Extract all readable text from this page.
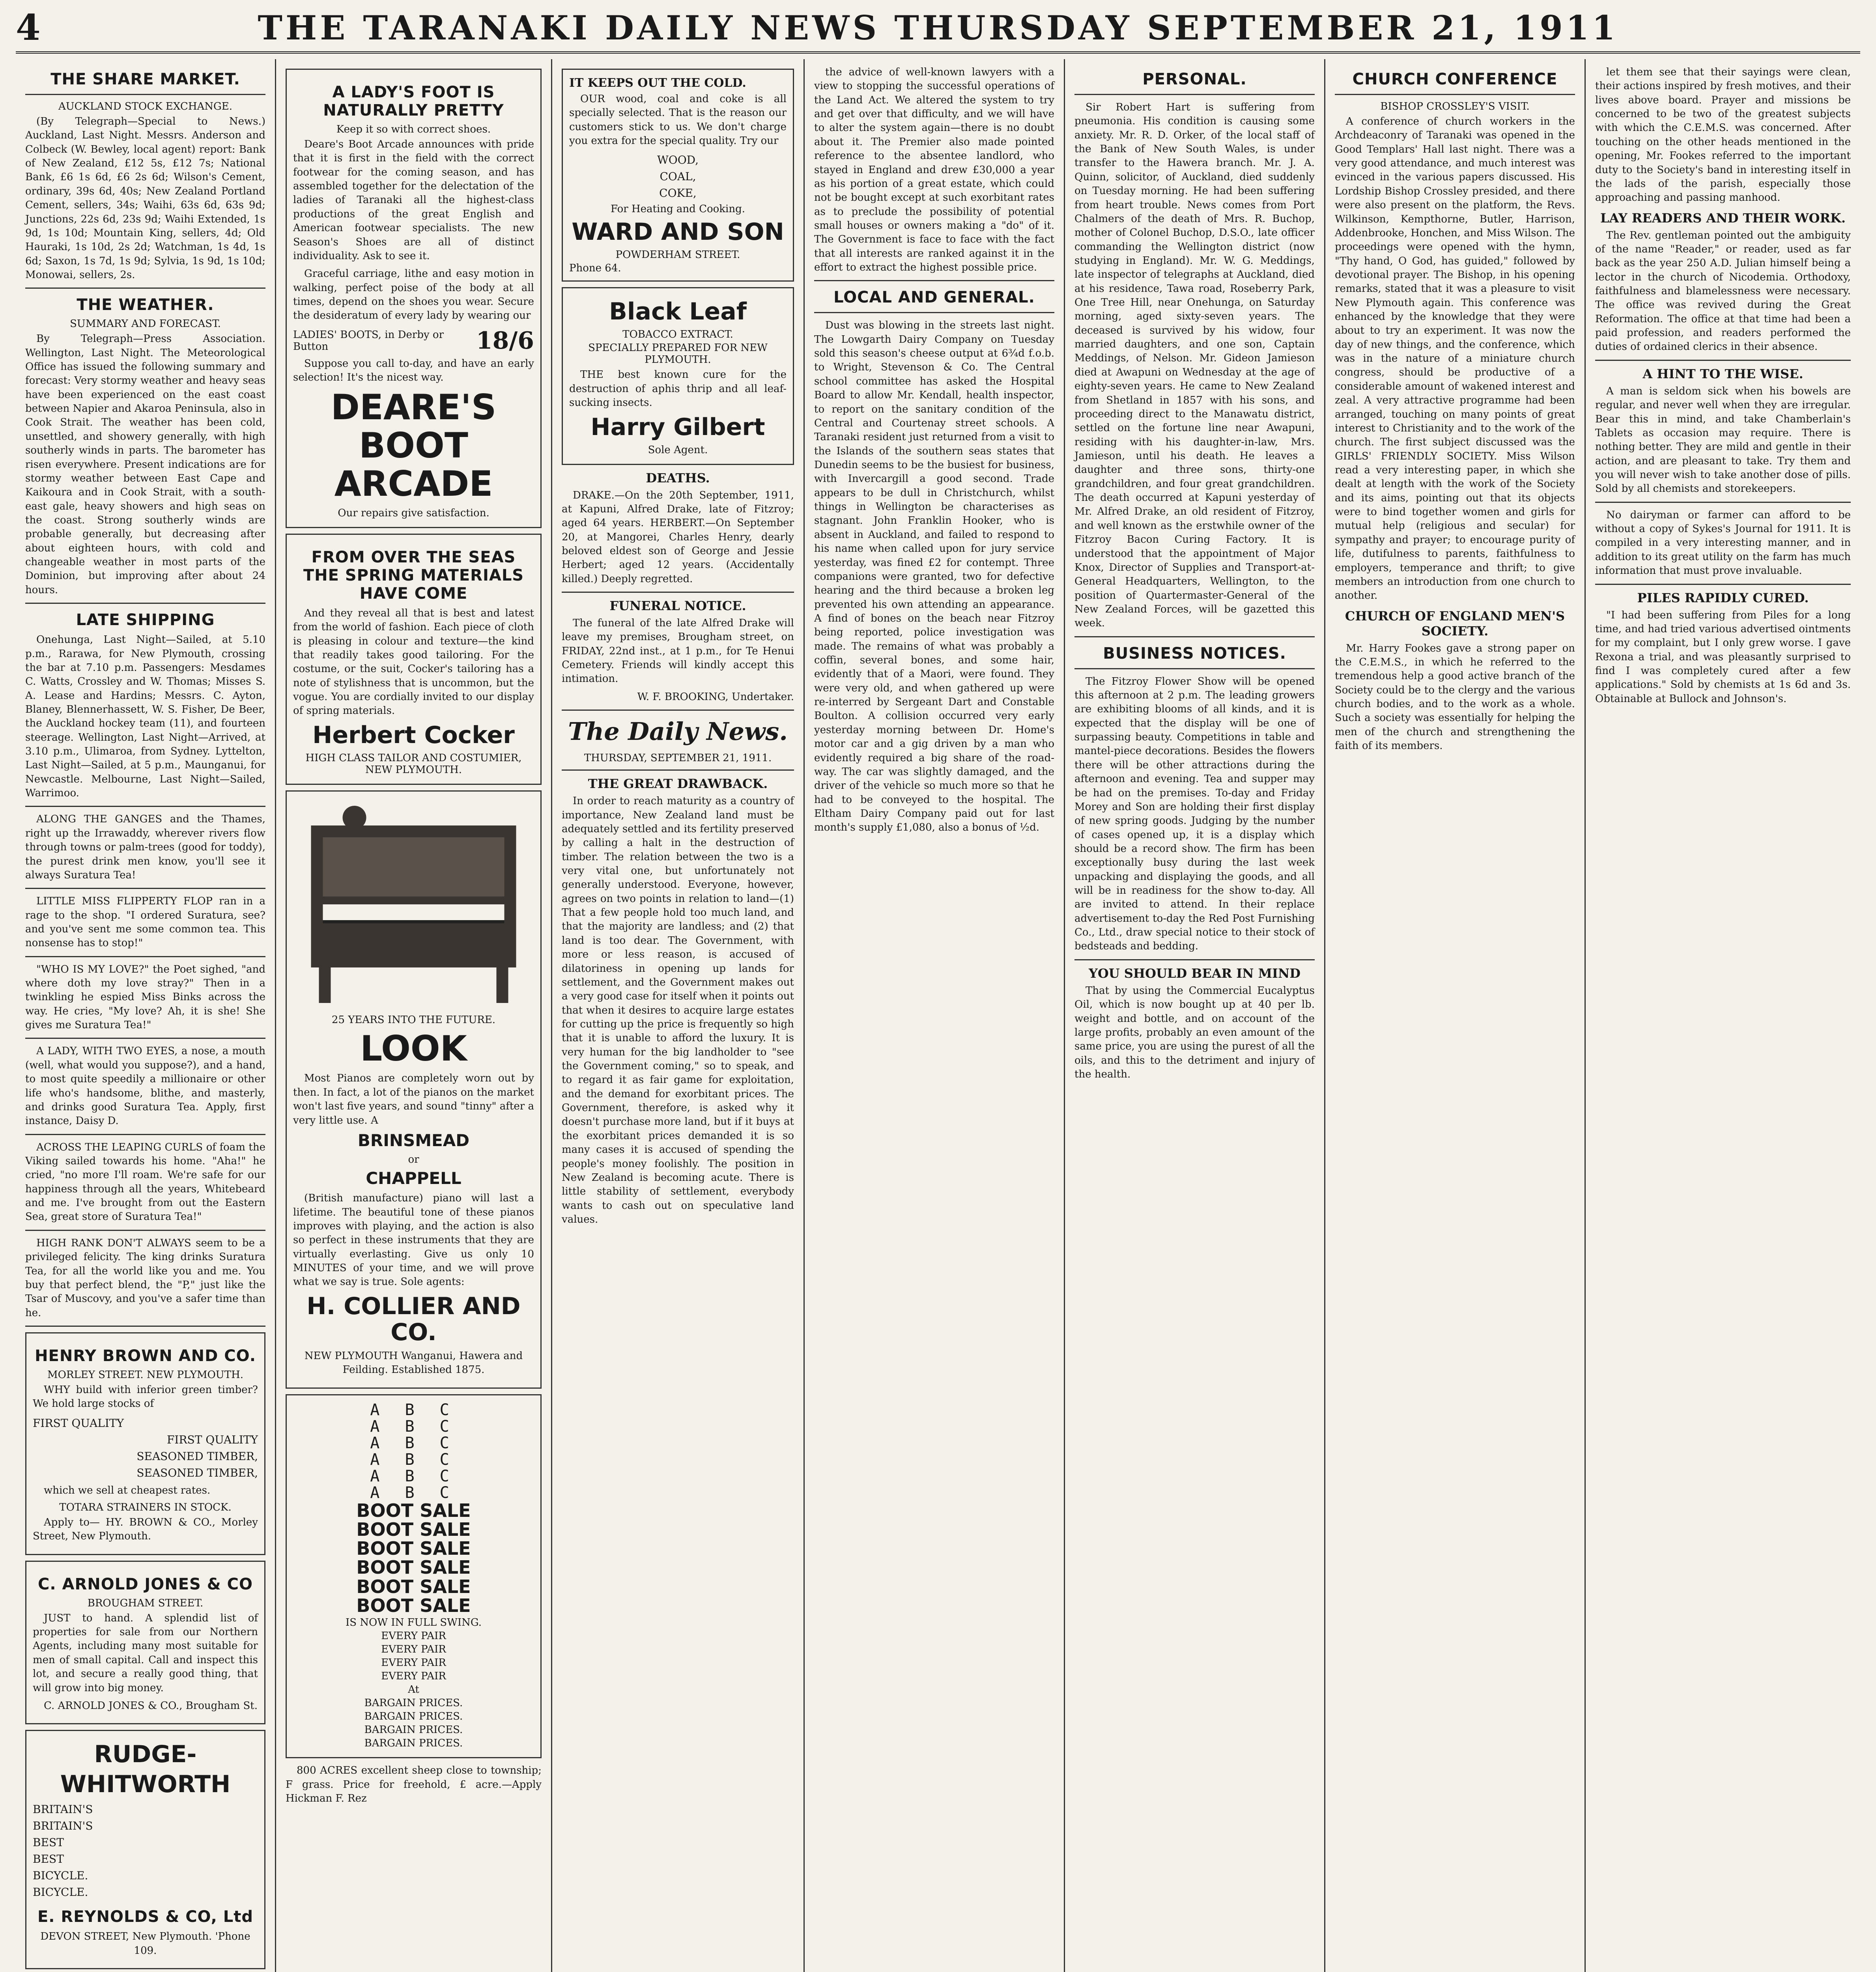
4	THE TARANAKI DAILY NEWS THURSDAY SEPTEMBER 21, 1911
THE SHARE MARKET.
AUCKLAND STOCK EXCHANGE.

(By Telegraph—Special to News.) Auckland, Last Night. Messrs. Anderson and Colbeck (W. Bewley, local agent) report: Bank of New Zealand, £12 5s, £12 7s; National Bank, £6 1s 6d, £6 2s 6d; Wilson's Cement, ordinary, 39s 6d, 40s; New Zealand Portland Cement, sellers, 34s; Waihi, 63s 6d, 63s 9d; Junctions, 22s 6d, 23s 9d; Waihi Extended, 1s 9d, 1s 10d; Mountain King, sellers, 4d; Old Hauraki, 1s 10d, 2s 2d; Watchman, 1s 4d, 1s 6d; Saxon, 1s 7d, 1s 9d; Sylvia, 1s 9d, 1s 10d; Monowai, sellers, 2s.

THE WEATHER.
SUMMARY AND FORECAST.

By Telegraph—Press Association. Wellington, Last Night. The Meteorological Office has issued the following summary and forecast: Very stormy weather and heavy seas have been experienced on the east coast between Napier and Akaroa Peninsula, also in Cook Strait. The weather has been cold, unsettled, and showery generally, with high southerly winds in parts. The barometer has risen everywhere. Present indications are for stormy weather between East Cape and Kaikoura and in Cook Strait, with a south-east gale, heavy showers and high seas on the coast. Strong southerly winds are probable generally, but decreasing after about eighteen hours, with cold and changeable weather in most parts of the Dominion, but improving after about 24 hours.

LATE SHIPPING

Onehunga, Last Night—Sailed, at 5.10 p.m., Rarawa, for New Plymouth, crossing the bar at 7.10 p.m. Passengers: Mesdames C. Watts, Crossley and W. Thomas; Misses S. A. Lease and Hardins; Messrs. C. Ayton, Blaney, Blennerhassett, W. S. Fisher, De Beer, the Auckland hockey team (11), and fourteen steerage. Wellington, Last Night—Arrived, at 3.10 p.m., Ulimaroa, from Sydney. Lyttelton, Last Night—Sailed, at 5 p.m., Maunganui, for Newcastle. Melbourne, Last Night—Sailed, Warrimoo.

ALONG THE GANGES and the Thames, right up the Irrawaddy, wherever rivers flow through towns or palm-trees (good for toddy), the purest drink men know, you'll see it always Suratura Tea!

LITTLE MISS FLIPPERTY FLOP ran in a rage to the shop. "I ordered Suratura, see? and you've sent me some common tea. This nonsense has to stop!"

"WHO IS MY LOVE?" the Poet sighed, "and where doth my love stray?" Then in a twinkling he espied Miss Binks across the way. He cries, "My love? Ah, it is she! She gives me Suratura Tea!"

A LADY, WITH TWO EYES, a nose, a mouth (well, what would you suppose?), and a hand, to most quite speedily a millionaire or other life who's handsome, blithe, and masterly, and drinks good Suratura Tea. Apply, first instance, Daisy D.

ACROSS THE LEAPING CURLS of foam the Viking sailed towards his home. "Aha!" he cried, "no more I'll roam. We're safe for our happiness through all the years, Whitebeard and me. I've brought from out the Eastern Sea, great store of Suratura Tea!"

HIGH RANK DON'T ALWAYS seem to be a privileged felicity. The king drinks Suratura Tea, for all the world like you and me. You buy that perfect blend, the "P," just like the Tsar of Muscovy, and you've a safer time than he.

HENRY BROWN AND CO.
MORLEY STREET. NEW PLYMOUTH.

WHY build with inferior green timber? We hold large stocks of

FIRST QUALITY
FIRST QUALITY
SEASONED TIMBER,
SEASONED TIMBER,

which we sell at cheapest rates.

TOTARA STRAINERS IN STOCK.

Apply to— HY. BROWN & CO., Morley Street, New Plymouth.

C. ARNOLD JONES & CO
BROUGHAM STREET.

JUST to hand. A splendid list of properties for sale from our Northern Agents, including many most suitable for men of small capital. Call and inspect this lot, and secure a really good thing, that will grow into big money.

C. ARNOLD JONES & CO., Brougham St.

RUDGE-
WHITWORTH
BRITAIN'S
BRITAIN'S
BEST
BEST
BICYCLE.
BICYCLE.
E. REYNOLDS & CO, Ltd

DEVON STREET, New Plymouth. 'Phone 109.

A LADY'S FOOT IS NATURALLY PRETTY
Keep it so with correct shoes.

Deare's Boot Arcade announces with pride that it is first in the field with the correct footwear for the coming season, and has assembled together for the delectation of the ladies of Taranaki all the highest-class productions of the great English and American footwear specialists. The new Season's Shoes are all of distinct individuality. Ask to see it.

Graceful carriage, lithe and easy motion in walking, perfect poise of the body at all times, depend on the shoes you wear. Secure the desideratum of every lady by wearing our

LADIES' BOOTS, in Derby or Button	18/6

Suppose you call to-day, and have an early selection! It's the nicest way.

DEARE'S BOOT ARCADE
Our repairs give satisfaction.
FROM OVER THE SEAS THE SPRING MATERIALS HAVE COME

And they reveal all that is best and latest from the world of fashion. Each piece of cloth is pleasing in colour and texture—the kind that readily takes good tailoring. For the costume, or the suit, Cocker's tailoring has a note of stylishness that is uncommon, but the vogue. You are cordially invited to our display of spring materials.

Herbert Cocker
HIGH CLASS TAILOR AND COSTUMIER, NEW PLYMOUTH.
25 YEARS INTO THE FUTURE.
LOOK

Most Pianos are completely worn out by then. In fact, a lot of the pianos on the market won't last five years, and sound "tinny" after a very little use. A

BRINSMEAD
or
CHAPPELL

(British manufacture) piano will last a lifetime. The beautiful tone of these pianos improves with playing, and the action is also so perfect in these instruments that they are virtually everlasting. Give us only 10 MINUTES of your time, and we will prove what we say is true. Sole agents:

H. COLLIER AND CO.

NEW PLYMOUTH Wanganui, Hawera and Feilding. Established 1875.

A B C
A B C
A B C
A B C
A B C
A B C
BOOT SALE
BOOT SALE
BOOT SALE
BOOT SALE
BOOT SALE
BOOT SALE
IS NOW IN FULL SWING.
EVERY PAIR
EVERY PAIR
EVERY PAIR
EVERY PAIR
At
BARGAIN PRICES.
BARGAIN PRICES.
BARGAIN PRICES.
BARGAIN PRICES.

800 ACRES excellent sheep close to township; F grass. Price for freehold, £ acre.—Apply Hickman F. Rez

IT KEEPS OUT THE COLD.

OUR wood, coal and coke is all specially selected. That is the reason our customers stick to us. We don't charge you extra for the special quality. Try our

WOOD,
COAL,
COKE,
For Heating and Cooking.
WARD AND SON
POWDERHAM STREET.
Phone 64.
Black Leaf
TOBACCO EXTRACT.
SPECIALLY PREPARED FOR NEW PLYMOUTH.

THE best known cure for the destruction of aphis thrip and all leaf-sucking insects.

Harry Gilbert
Sole Agent.
DEATHS.

DRAKE.—On the 20th September, 1911, at Kapuni, Alfred Drake, late of Fitzroy; aged 64 years. HERBERT.—On September 20, at Mangorei, Charles Henry, dearly beloved eldest son of George and Jessie Herbert; aged 12 years. (Accidentally killed.) Deeply regretted.

FUNERAL NOTICE.

The funeral of the late Alfred Drake will leave my premises, Brougham street, on FRIDAY, 22nd inst., at 1 p.m., for Te Henui Cemetery. Friends will kindly accept this intimation.

W. F. BROOKING, Undertaker.

The Daily News.
THURSDAY, SEPTEMBER 21, 1911.
THE GREAT DRAWBACK.

In order to reach maturity as a country of importance, New Zealand land must be adequately settled and its fertility preserved by calling a halt in the destruction of timber. The relation between the two is a very vital one, but unfortunately not generally understood. Everyone, however, agrees on two points in relation to land—(1) That a few people hold too much land, and that the majority are landless; and (2) that land is too dear. The Government, with more or less reason, is accused of dilatoriness in opening up lands for settlement, and the Government makes out a very good case for itself when it points out that when it desires to acquire large estates for cutting up the price is frequently so high that it is unable to afford the luxury. It is very human for the big landholder to "see the Government coming," so to speak, and to regard it as fair game for exploitation, and the demand for exorbitant prices. The Government, therefore, is asked why it doesn't purchase more land, but if it buys at the exorbitant prices demanded it is so many cases it is accused of spending the people's money foolishly. The position in New Zealand is becoming acute. There is little stability of settlement, everybody wants to cash out on speculative land values.

the advice of well-known lawyers with a view to stopping the successful operations of the Land Act. We altered the system to try and get over that difficulty, and we will have to alter the system again—there is no doubt about it. The Premier also made pointed reference to the absentee landlord, who stayed in England and drew £30,000 a year as his portion of a great estate, which could not be bought except at such exorbitant rates as to preclude the possibility of potential small houses or owners making a "do" of it. The Government is face to face with the fact that all interests are ranked against it in the effort to extract the highest possible price.

LOCAL AND GENERAL.

Dust was blowing in the streets last night. The Lowgarth Dairy Company on Tuesday sold this season's cheese output at 6¾d f.o.b. to Wright, Stevenson & Co. The Central school committee has asked the Hospital Board to allow Mr. Kendall, health inspector, to report on the sanitary condition of the Central and Courtenay street schools. A Taranaki resident just returned from a visit to the Islands of the southern seas states that Dunedin seems to be the busiest for business, with Invercargill a good second. Trade appears to be dull in Christchurch, whilst things in Wellington be characterises as stagnant. John Franklin Hooker, who is absent in Auckland, and failed to respond to his name when called upon for jury service yesterday, was fined £2 for contempt. Three companions were granted, two for defective hearing and the third because a broken leg prevented his own attending an appearance. A find of bones on the beach near Fitzroy being reported, police investigation was made. The remains of what was probably a coffin, several bones, and some hair, evidently that of a Maori, were found. They were very old, and when gathered up were re-interred by Sergeant Dart and Constable Boulton. A collision occurred very early yesterday morning between Dr. Home's motor car and a gig driven by a man who evidently required a big share of the road-way. The car was slightly damaged, and the driver of the vehicle so much more so that he had to be conveyed to the hospital. The Eltham Dairy Company paid out for last month's supply £1,080, also a bonus of ½d.

PERSONAL.

Sir Robert Hart is suffering from pneumonia. His condition is causing some anxiety. Mr. R. D. Orker, of the local staff of the Bank of New South Wales, is under transfer to the Hawera branch. Mr. J. A. Quinn, solicitor, of Auckland, died suddenly on Tuesday morning. He had been suffering from heart trouble. News comes from Port Chalmers of the death of Mrs. R. Buchop, mother of Colonel Buchop, D.S.O., late officer commanding the Wellington district (now studying in England). Mr. W. G. Meddings, late inspector of telegraphs at Auckland, died at his residence, Tawa road, Roseberry Park, One Tree Hill, near Onehunga, on Saturday morning, aged sixty-seven years. The deceased is survived by his widow, four married daughters, and one son, Captain Meddings, of Nelson. Mr. Gideon Jamieson died at Awapuni on Wednesday at the age of eighty-seven years. He came to New Zealand from Shetland in 1857 with his sons, and proceeding direct to the Manawatu district, settled on the fortune line near Awapuni, residing with his daughter-in-law, Mrs. Jamieson, until his death. He leaves a daughter and three sons, thirty-one grandchildren, and four great grandchildren. The death occurred at Kapuni yesterday of Mr. Alfred Drake, an old resident of Fitzroy, and well known as the erstwhile owner of the Fitzroy Bacon Curing Factory. It is understood that the appointment of Major Knox, Director of Supplies and Transport-at-General Headquarters, Wellington, to the position of Quartermaster-General of the New Zealand Forces, will be gazetted this week.

BUSINESS NOTICES.

The Fitzroy Flower Show will be opened this afternoon at 2 p.m. The leading growers are exhibiting blooms of all kinds, and it is expected that the display will be one of surpassing beauty. Competitions in table and mantel-piece decorations. Besides the flowers there will be other attractions during the afternoon and evening. Tea and supper may be had on the premises. To-day and Friday Morey and Son are holding their first display of new spring goods. Judging by the number of cases opened up, it is a display which should be a record show. The firm has been exceptionally busy during the last week unpacking and displaying the goods, and all will be in readiness for the show to-day. All are invited to attend. In their replace advertisement to-day the Red Post Furnishing Co., Ltd., draw special notice to their stock of bedsteads and bedding.

YOU SHOULD BEAR IN MIND

That by using the Commercial Eucalyptus Oil, which is now bought up at 40 per lb. weight and bottle, and on account of the large profits, probably an even amount of the same price, you are using the purest of all the oils, and this to the detriment and injury of the health.

CHURCH CONFERENCE
BISHOP CROSSLEY'S VISIT.

A conference of church workers in the Archdeaconry of Taranaki was opened in the Good Templars' Hall last night. There was a very good attendance, and much interest was evinced in the various papers discussed. His Lordship Bishop Crossley presided, and there were also present on the platform, the Revs. Wilkinson, Kempthorne, Butler, Harrison, Addenbrooke, Honchen, and Miss Wilson. The proceedings were opened with the hymn, "Thy hand, O God, has guided," followed by devotional prayer. The Bishop, in his opening remarks, stated that it was a pleasure to visit New Plymouth again. This conference was enhanced by the knowledge that they were about to try an experiment. It was now the day of new things, and the conference, which was in the nature of a miniature church congress, should be productive of a considerable amount of wakened interest and zeal. A very attractive programme had been arranged, touching on many points of great interest to Christianity and to the work of the church. The first subject discussed was the GIRLS' FRIENDLY SOCIETY. Miss Wilson read a very interesting paper, in which she dealt at length with the work of the Society and its aims, pointing out that its objects were to bind together women and girls for mutual help (religious and secular) for sympathy and prayer; to encourage purity of life, dutifulness to parents, faithfulness to employers, temperance and thrift; to give members an introduction from one church to another.

CHURCH OF ENGLAND MEN'S SOCIETY.

Mr. Harry Fookes gave a strong paper on the C.E.M.S., in which he referred to the tremendous help a good active branch of the Society could be to the clergy and the various church bodies, and to the work as a whole. Such a society was essentially for helping the men of the church and strengthening the faith of its members.

let them see that their sayings were clean, their actions inspired by fresh motives, and their lives above board. Prayer and missions be concerned to be two of the greatest subjects with which the C.E.M.S. was concerned. After touching on the other heads mentioned in the opening, Mr. Fookes referred to the important duty to the Society's band in interesting itself in the lads of the parish, especially those approaching and passing manhood.

LAY READERS AND THEIR WORK.

The Rev. gentleman pointed out the ambiguity of the name "Reader," or reader, used as far back as the year 250 A.D. Julian himself being a lector in the church of Nicodemia. Orthodoxy, faithfulness and blamelessness were necessary. The office was revived during the Great Reformation. The office at that time had been a paid profession, and readers performed the duties of ordained clerics in their absence.

A HINT TO THE WISE.

A man is seldom sick when his bowels are regular, and never well when they are irregular. Bear this in mind, and take Chamberlain's Tablets as occasion may require. There is nothing better. They are mild and gentle in their action, and are pleasant to take. Try them and you will never wish to take another dose of pills. Sold by all chemists and storekeepers.

No dairyman or farmer can afford to be without a copy of Sykes's Journal for 1911. It is compiled in a very interesting manner, and in addition to its great utility on the farm has much information that must prove invaluable.

PILES RAPIDLY CURED.

"I had been suffering from Piles for a long time, and had tried various advertised ointments for my complaint, but I only grew worse. I gave Rexona a trial, and was pleasantly surprised to find I was completely cured after a few applications." Sold by chemists at 1s 6d and 3s. Obtainable at Bullock and Johnson's.
